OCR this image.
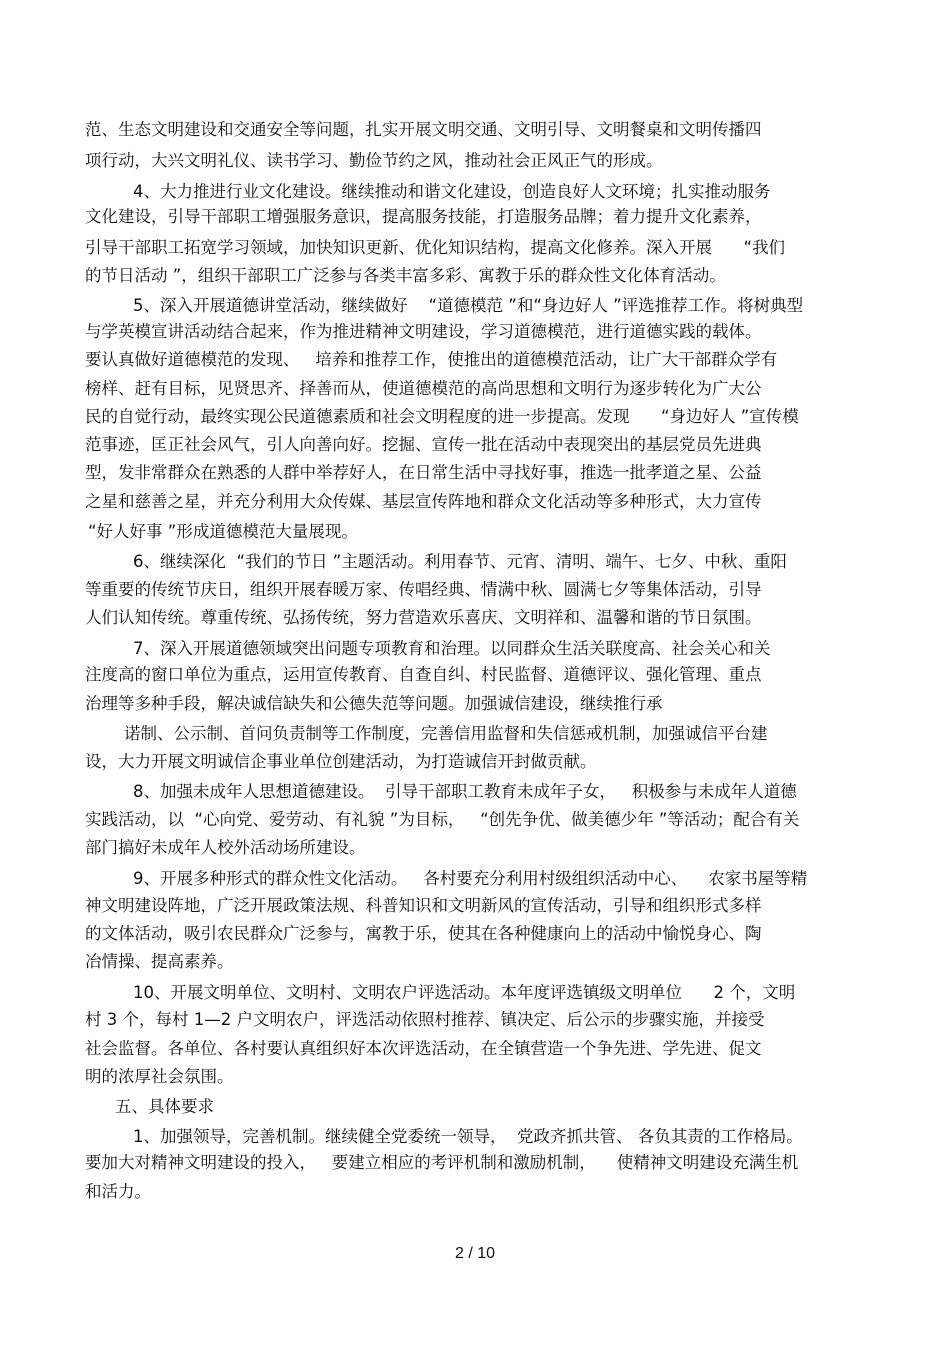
范、生态文明建设和交通安全等问题，扎实开展文明交通、文明引导、文明餐桌和文明传播四

项行动，大兴文明礼仪、读书学习、勤俭节约之风，推动社会正风正气的形成。

4、大力推进行业文化建设。继续推动和谐文化建设，创造良好人文环境；扎实推动服务

文化建设，引导干部职工增强服务意识，提高服务技能，打造服务品牌；着力提升文化素养，

引导干部职工拓宽学习领域，加快知识更新、优化知识结构，提高文化修养。深入开展      “我们

的节日活动 ”，组织干部职工广泛参与各类丰富多彩、寓教于乐的群众性文化体育活动。

5、深入开展道德讲堂活动，继续做好    “道德模范 ”和“身边好人 ”评选推荐工作。将树典型

与学英模宣讲活动结合起来，作为推进精神文明建设，学习道德模范，进行道德实践的载体。

要认真做好道德模范的发现、   培养和推荐工作，使推出的道德模范活动，让广大干部群众学有

榜样、赶有目标，见贤思齐、择善而从，使道德模范的高尚思想和文明行为逐步转化为广大公

民的自觉行动，最终实现公民道德素质和社会文明程度的进一步提高。发现      “身边好人 ”宣传模

范事迹，匡正社会风气，引人向善向好。挖掘、宣传一批在活动中表现突出的基层党员先进典

型，发非常群众在熟悉的人群中举荐好人，在日常生活中寻找好事，推选一批孝道之星、公益

之星和慈善之星，并充分利用大众传媒、基层宣传阵地和群众文化活动等多种形式，大力宣传

“好人好事 ”形成道德模范大量展现。

6、继续深化  “我们的节日 ”主题活动。利用春节、元宵、清明、端午、七夕、中秋、重阳

等重要的传统节庆日，组织开展春暖万家、传唱经典、情满中秋、圆满七夕等集体活动，引导

人们认知传统。尊重传统、弘扬传统，努力营造欢乐喜庆、文明祥和、温馨和谐的节日氛围。

7、深入开展道德领域突出问题专项教育和治理。以同群众生活关联度高、社会关心和关

注度高的窗口单位为重点，运用宣传教育、自查自纠、村民监督、道德评议、强化管理、重点

治理等多种手段，解决诚信缺失和公德失范等问题。加强诚信建设，继续推行承

诺制、公示制、首问负责制等工作制度，完善信用监督和失信惩戒机制，加强诚信平台建

设，大力开展文明诚信企事业单位创建活动，为打造诚信开封做贡献。

8、加强未成年人思想道德建设。  引导干部职工教育未成年子女，   积极参与未成年人道德

实践活动，以  “心向党、爱劳动、有礼貌 ”为目标，   “创先争优、做美德少年 ”等活动；配合有关

部门搞好未成年人校外活动场所建设。

9、开展多种形式的群众性文化活动。   各村要充分利用村级组织活动中心、    农家书屋等精

神文明建设阵地，广泛开展政策法规、科普知识和文明新风的宣传活动，引导和组织形式多样

的文体活动，吸引农民群众广泛参与，寓教于乐，使其在各种健康向上的活动中愉悦身心、陶

冶情操、提高素养。

10、开展文明单位、文明村、文明农户评选活动。本年度评选镇级文明单位      2 个，文明

村 3 个，每村 1—2 户文明农户，评选活动依照村推荐、镇决定、后公示的步骤实施，并接受

社会监督。各单位、各村要认真组织好本次评选活动，在全镇营造一个争先进、学先进、促文

明的浓厚社会氛围。

五、具体要求

1、加强领导，完善机制。继续健全党委统一领导，  党政齐抓共管、 各负其责的工作格局。

要加大对精神文明建设的投入，   要建立相应的考评机制和激励机制，    使精神文明建设充满生机

和活力。

2 / 10
